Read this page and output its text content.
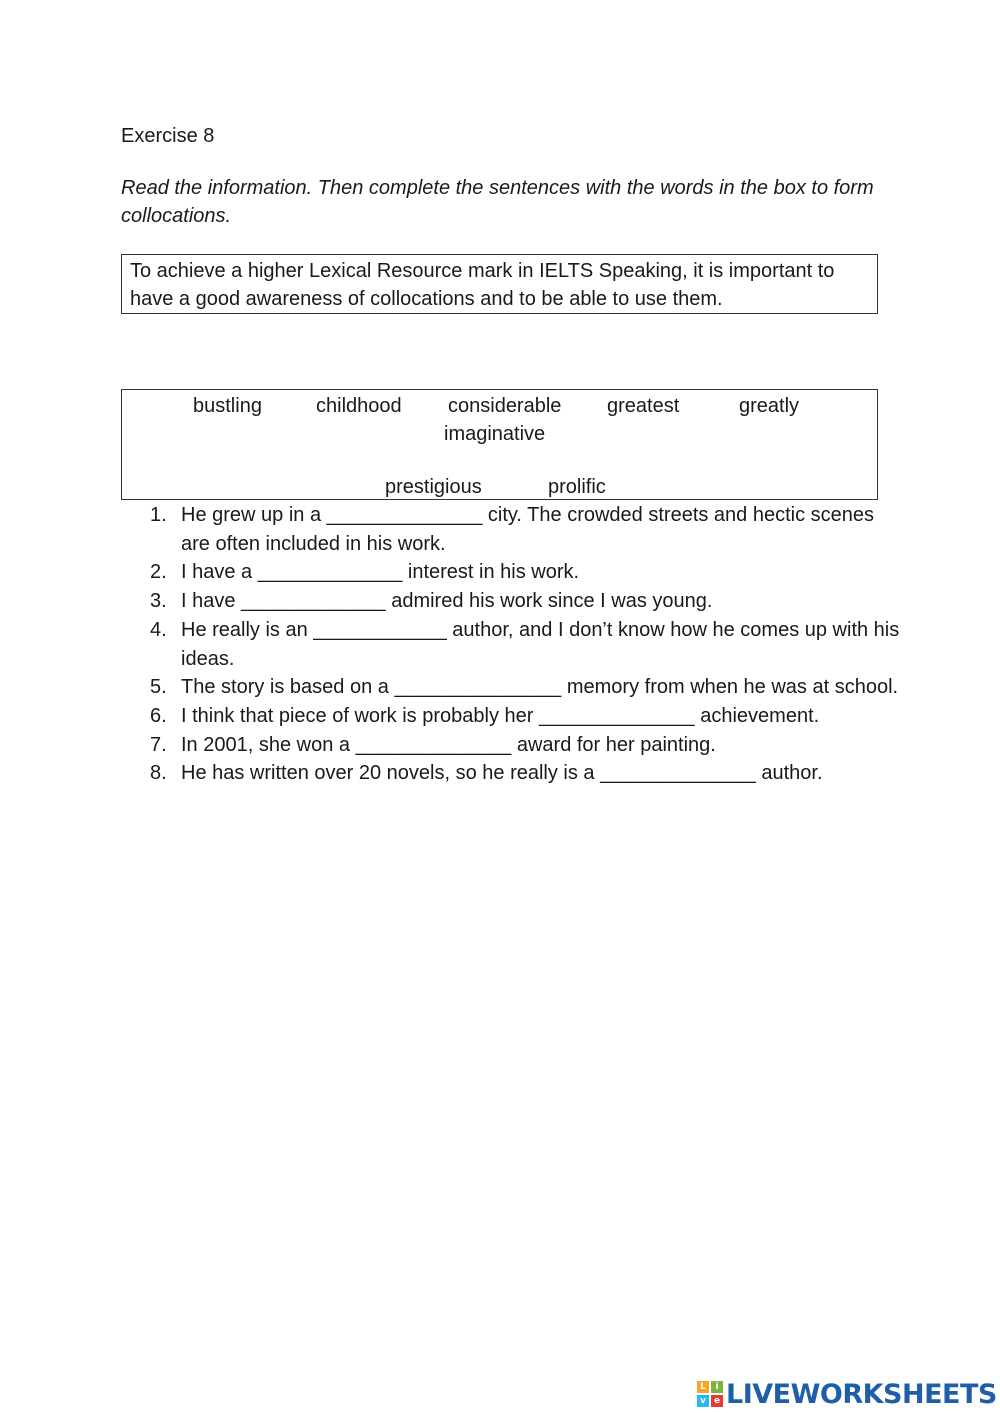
Exercise 8

Read the information. Then complete the sentences with the words in the box to form collocations.

To achieve a higher Lexical Resource mark in IELTS Speaking, it is important to have a good awareness of collocations and to be able to use them.
bustling	childhood considerable greatest	greatly
imaginative
prestigious	prolific
1. He grew up in a ______________ city. The crowded streets and hectic scenes are often included in his work.
2. I have a _____________ interest in his work.
3. I have _____________ admired his work since I was young.
4. He really is an ____________ author, and I don’t know how he comes up with his ideas.
5. The story is based on a _______________ memory from when he was at school.
6. I think that piece of work is probably her ______________ achievement.
7. In 2001, she won a ______________ award for her painting.
8. He has written over 20 novels, so he really is a ______________ author.
L	i
v e LIVEWORKSHEETS
